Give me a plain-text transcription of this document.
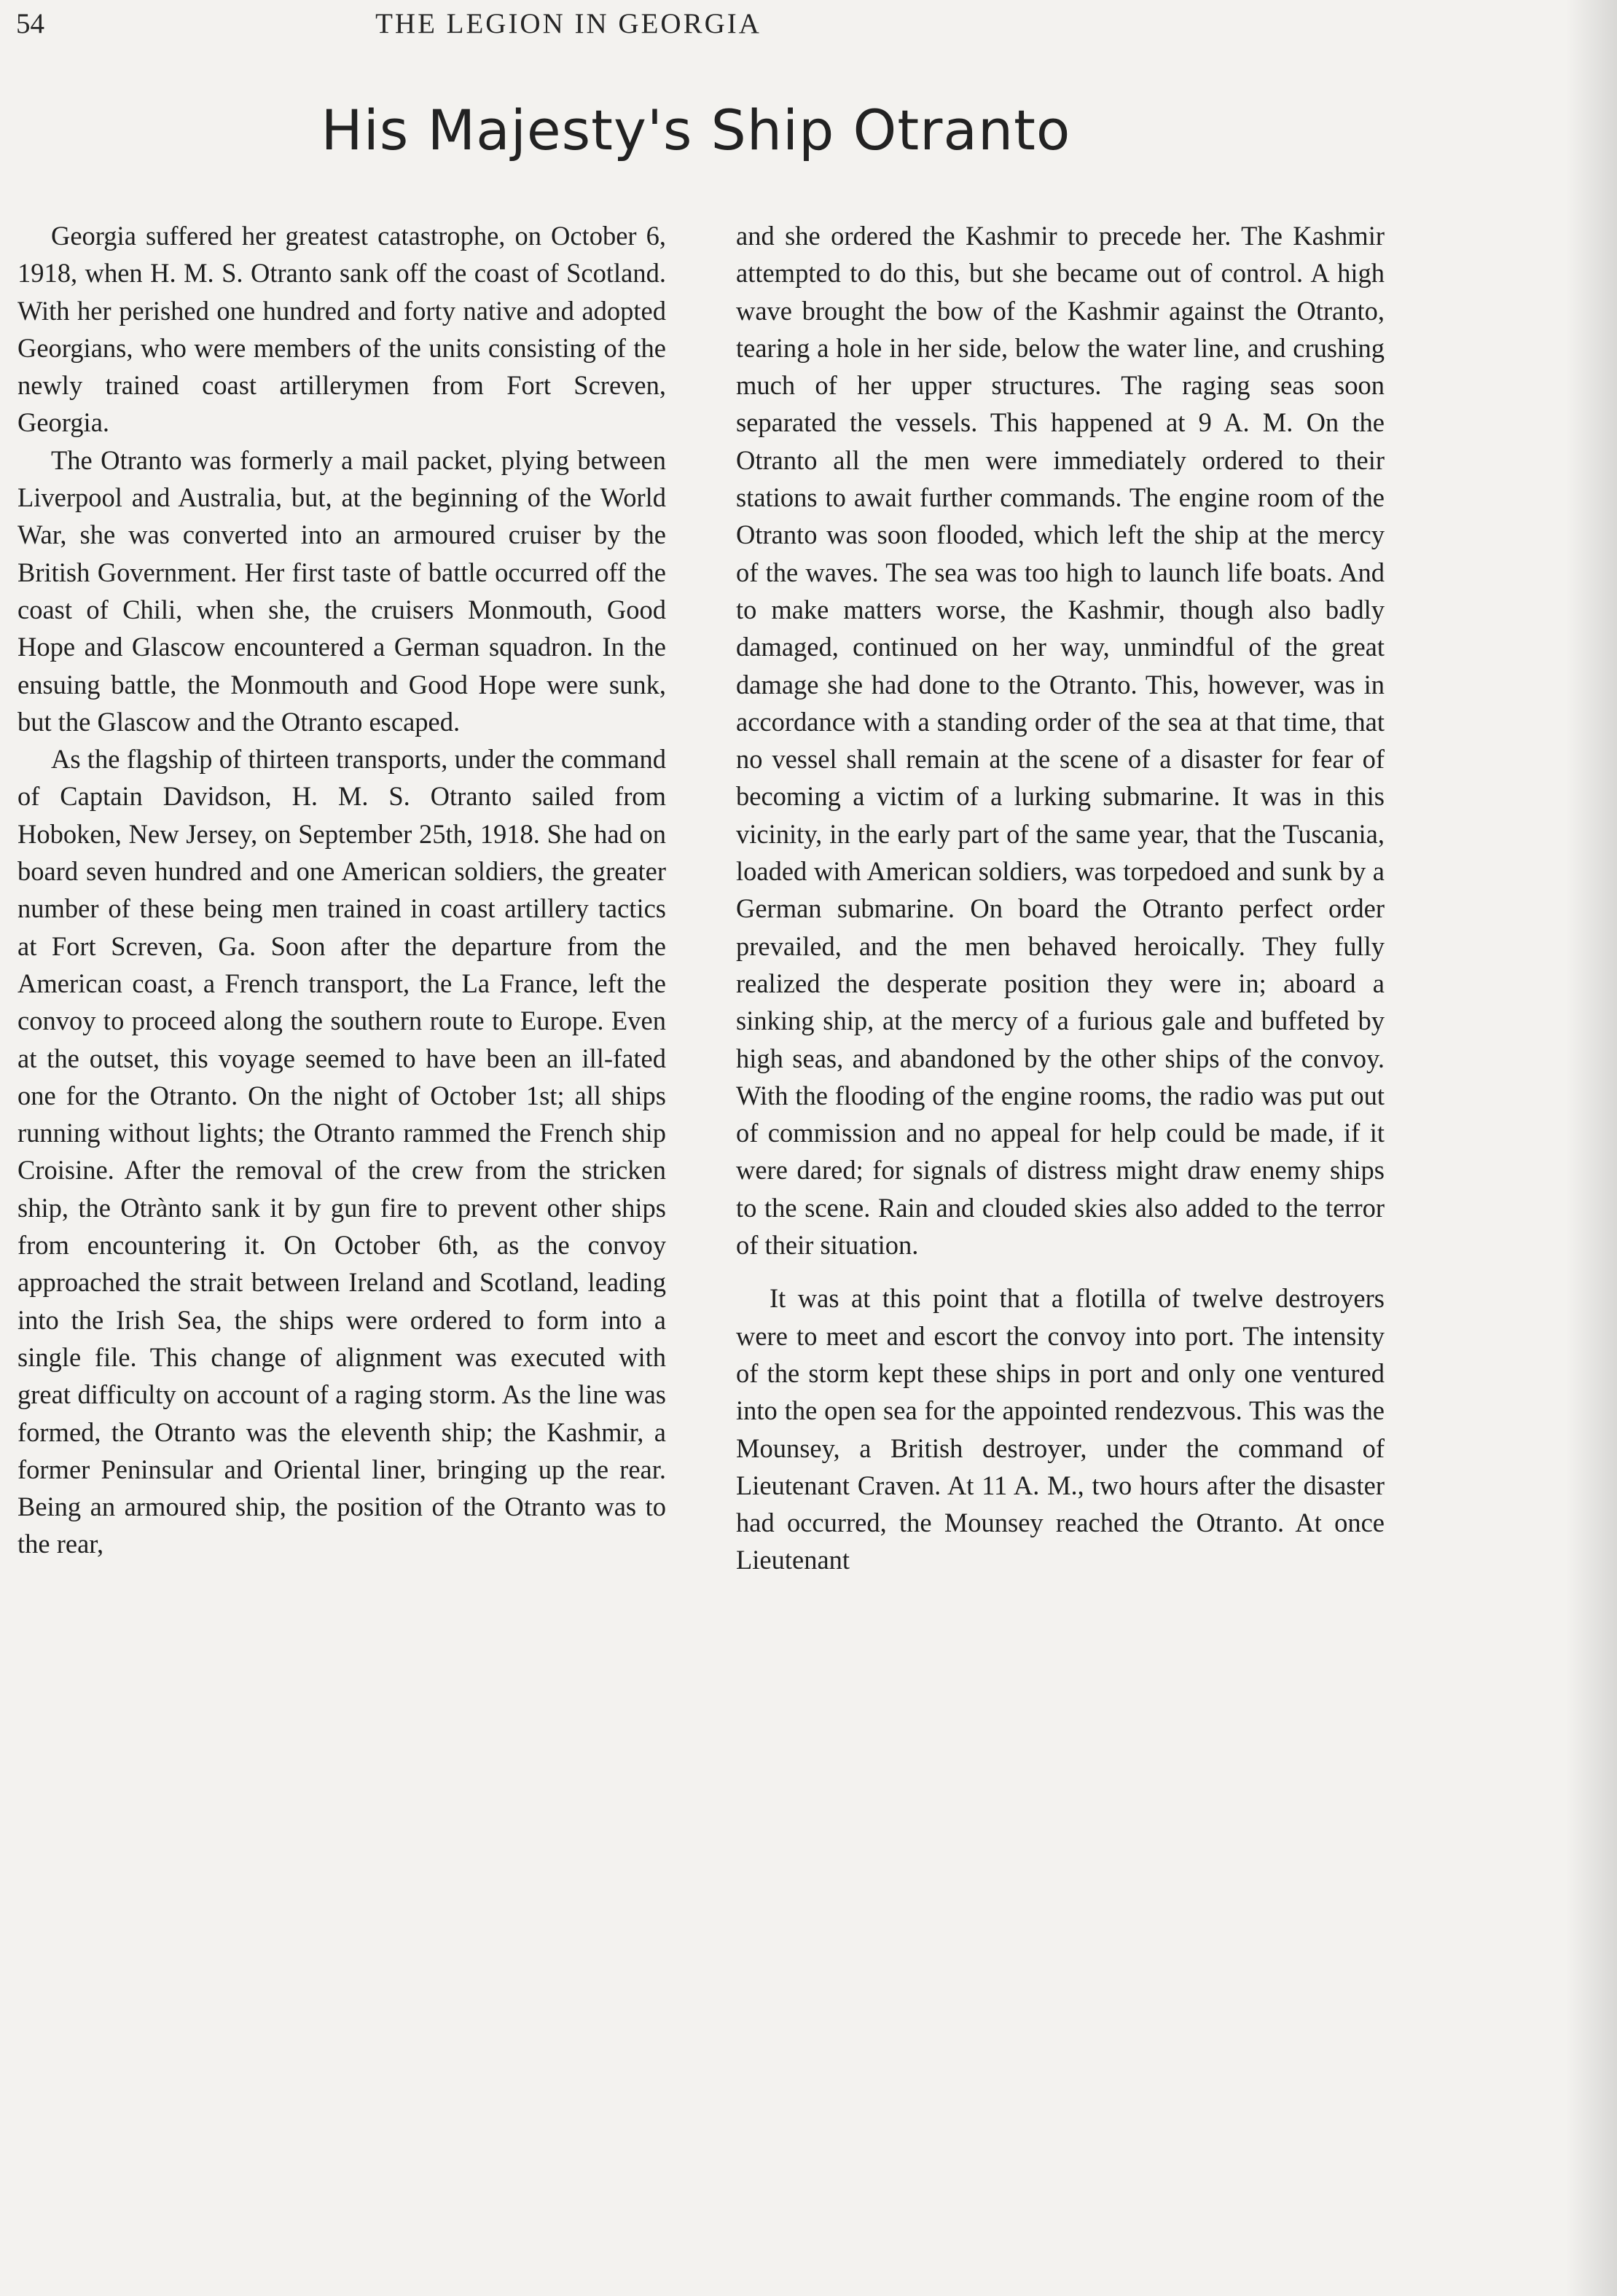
54	THE LEGION IN GEORGIA
His Majesty's Ship Otranto

Georgia suffered her greatest catastrophe, on October 6, 1918, when H. M. S. Otranto sank off the coast of Scotland. With her perished one hundred and forty native and adopted Georgians, who were members of the units consisting of the newly trained coast artillerymen from Fort Screven, Georgia.

The Otranto was formerly a mail packet, plying between Liverpool and Australia, but, at the beginning of the World War, she was converted into an armoured cruiser by the British Government. Her first taste of battle occurred off the coast of Chili, when she, the cruisers Monmouth, Good Hope and Glascow encountered a German squadron. In the ensuing battle, the Monmouth and Good Hope were sunk, but the Glascow and the Otranto escaped.

As the flagship of thirteen transports, under the command of Captain Davidson, H. M. S. Otranto sailed from Hoboken, New Jersey, on September 25th, 1918. She had on board seven hundred and one American soldiers, the greater number of these being men trained in coast artillery tactics at Fort Screven, Ga. Soon after the departure from the American coast, a French transport, the La France, left the convoy to proceed along the southern route to Europe. Even at the outset, this voyage seemed to have been an ill-fated one for the Otranto. On the night of October 1st; all ships running without lights; the Otranto rammed the French ship Croisine. After the removal of the crew from the stricken ship, the Otrànto sank it by gun fire to prevent other ships from encountering it. On October 6th, as the convoy approached the strait between Ireland and Scotland, leading into the Irish Sea, the ships were ordered to form into a single file. This change of alignment was executed with great difficulty on account of a raging storm. As the line was formed, the Otranto was the eleventh ship; the Kashmir, a former Peninsular and Oriental liner, bringing up the rear. Being an armoured ship, the position of the Otranto was to the rear,

and she ordered the Kashmir to precede her. The Kashmir attempted to do this, but she became out of control. A high wave brought the bow of the Kashmir against the Otranto, tearing a hole in her side, below the water line, and crushing much of her upper structures. The raging seas soon separated the vessels. This happened at 9 A. M. On the Otranto all the men were immediately ordered to their stations to await further commands. The engine room of the Otranto was soon flooded, which left the ship at the mercy of the waves. The sea was too high to launch life boats. And to make matters worse, the Kashmir, though also badly damaged, continued on her way, unmindful of the great damage she had done to the Otranto. This, however, was in accordance with a standing order of the sea at that time, that no vessel shall remain at the scene of a disaster for fear of becoming a victim of a lurking submarine. It was in this vicinity, in the early part of the same year, that the Tuscania, loaded with American soldiers, was torpedoed and sunk by a German submarine. On board the Otranto perfect order prevailed, and the men behaved heroically. They fully realized the desperate position they were in; aboard a sinking ship, at the mercy of a furious gale and buffeted by high seas, and abandoned by the other ships of the convoy. With the flooding of the engine rooms, the radio was put out of commission and no appeal for help could be made, if it were dared; for signals of distress might draw enemy ships to the scene. Rain and clouded skies also added to the terror of their situation.

It was at this point that a flotilla of twelve destroyers were to meet and escort the convoy into port. The intensity of the storm kept these ships in port and only one ventured into the open sea for the appointed rendezvous. This was the Mounsey, a British destroyer, under the command of Lieutenant Craven. At 11 A. M., two hours after the disaster had occurred, the Mounsey reached the Otranto. At once Lieutenant
